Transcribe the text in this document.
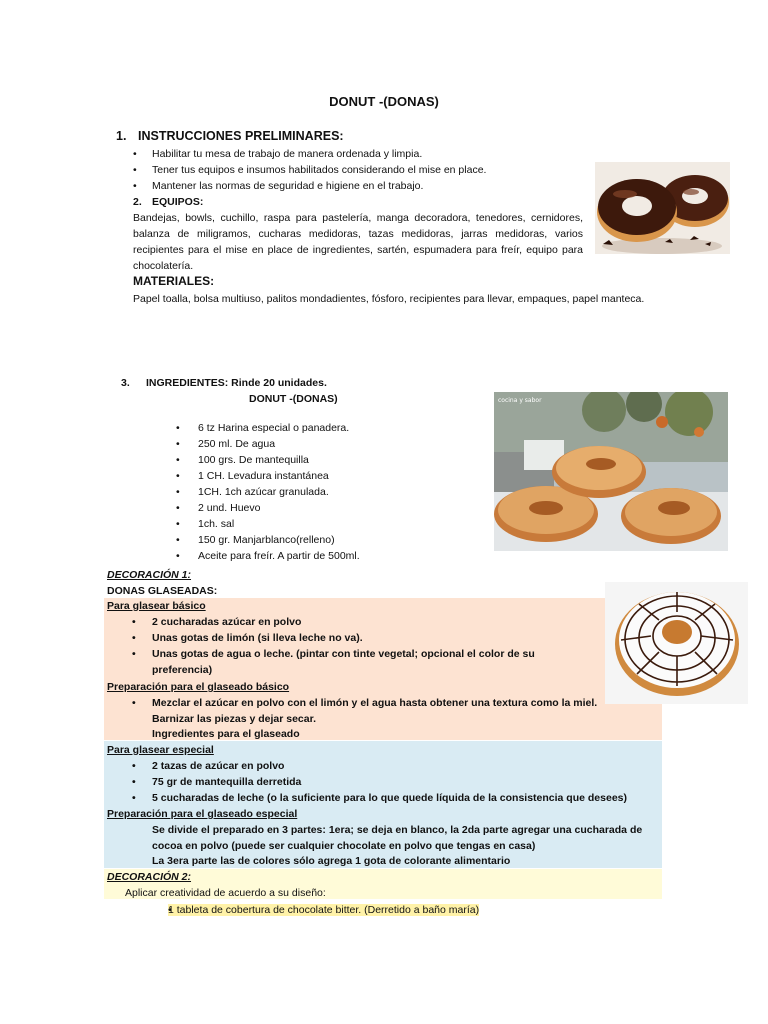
DONUT -(DONAS)
1. INSTRUCCIONES PRELIMINARES:
• Habilitar tu mesa de trabajo de manera ordenada y limpia.
• Tener tus equipos e insumos habilitados considerando el mise en place.
• Mantener las normas de seguridad e higiene en el trabajo.
2. EQUIPOS:
Bandejas, bowls, cuchillo, raspa para pastelería, manga decoradora, tenedores, cernidores, balanza de miligramos, cucharas medidoras, tazas medidoras, jarras medidoras, varios recipientes para el mise en place de ingredientes, sartén, espumadera para freír, equipo para chocolatería.
MATERIALES:
Papel toalla, bolsa multiuso, palitos mondadientes, fósforo, recipientes para llevar, empaques, papel manteca.
3. INGREDIENTES: Rinde 20 unidades.
DONUT -(DONAS)
• 6 tz Harina especial o panadera.
• 250 ml. De agua
• 100 grs. De mantequilla
• 1 CH. Levadura instantánea
• 1CH. 1ch azúcar granulada.
• 2 und. Huevo
• 1ch. sal
• 150 gr. Manjarblanco(relleno)
• Aceite para freír. A partir de 500ml.
cocina y sabor
DECORACIÓN 1:
DONAS GLASEADAS:
Para glasear básico
• 2 cucharadas azúcar en polvo
• Unas gotas de limón (si lleva leche no va).
• Unas gotas de agua o leche. (pintar con tinte vegetal; opcional el color de su preferencia)
Preparación para el glaseado básico
• Mezclar el azúcar en polvo con el limón y el agua hasta obtener una textura como la miel. Barnizar las piezas y dejar secar.
Ingredientes para el glaseado
Para glasear especial
• 2 tazas de azúcar en polvo
• 75 gr de mantequilla derretida
• 5 cucharadas de leche (o la suficiente para lo que quede líquida de la consistencia que desees)
Preparación para el glaseado especial
Se divide el preparado en 3 partes: 1era; se deja en blanco, la 2da parte agregar una cucharada de cocoa en polvo (puede ser cualquier chocolate en polvo que tengas en casa)
La 3era parte las de colores sólo agrega 1 gota de colorante alimentario
DECORACIÓN 2:
Aplicar creatividad de acuerdo a su diseño:
• 1 tableta de cobertura de chocolate bitter. (Derretido a baño maría)
